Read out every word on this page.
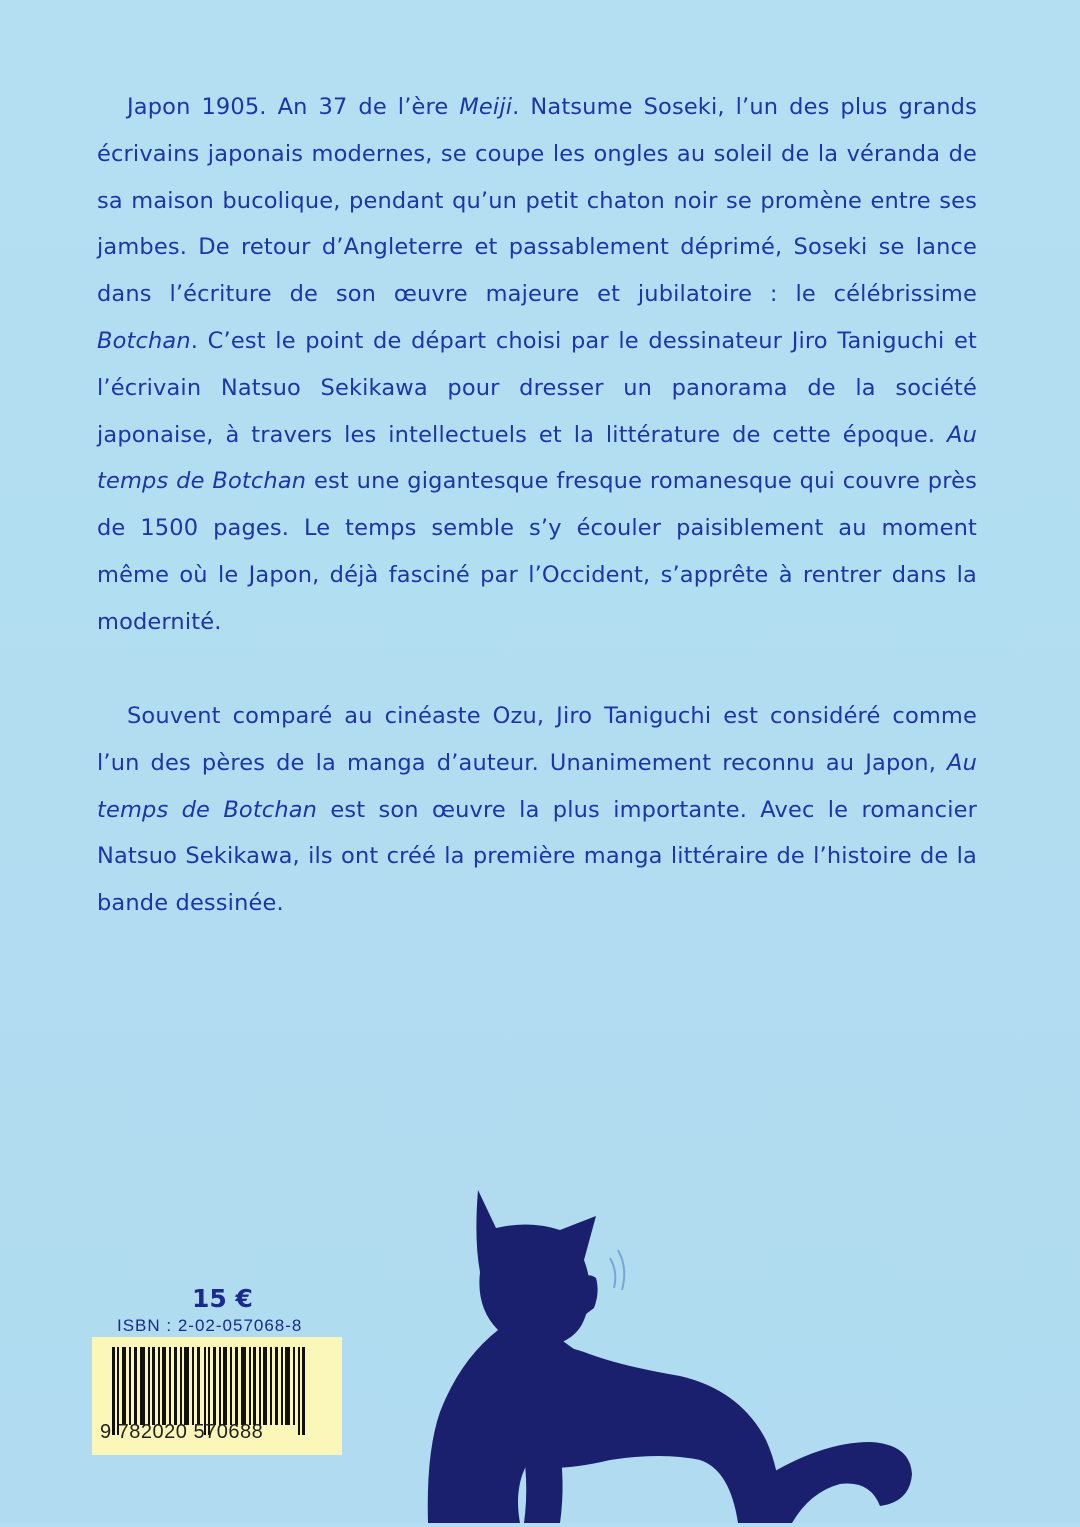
Japon 1905. An 37 de l’ère Meiji. Natsume Soseki, l’un des plus grands écrivains japonais modernes, se coupe les ongles au soleil de la véranda de sa maison bucolique, pendant qu’un petit chaton noir se promène entre ses jambes. De retour d’Angleterre et passablement déprimé, Soseki se lance dans l’écriture de son œuvre majeure et jubilatoire : le célébrissime Botchan. C’est le point de départ choisi par le dessinateur Jiro Taniguchi et l’écrivain Natsuo Sekikawa pour dresser un panorama de la société japonaise, à travers les intellectuels et la littérature de cette époque. Au temps de Botchan est une gigantesque fresque romanesque qui couvre près de 1500 pages. Le temps semble s’y écouler paisiblement au moment même où le Japon, déjà fasciné par l’Occident, s’apprête à rentrer dans la modernité.

Souvent comparé au cinéaste Ozu, Jiro Taniguchi est considéré comme l’un des pères de la manga d’auteur. Unanimement reconnu au Japon, Au temps de Botchan est son œuvre la plus importante. Avec le romancier Natsuo Sekikawa, ils ont créé la première manga littéraire de l’histoire de la bande dessinée.

15 €
ISBN : 2-02-057068-8
9 782020 570688
